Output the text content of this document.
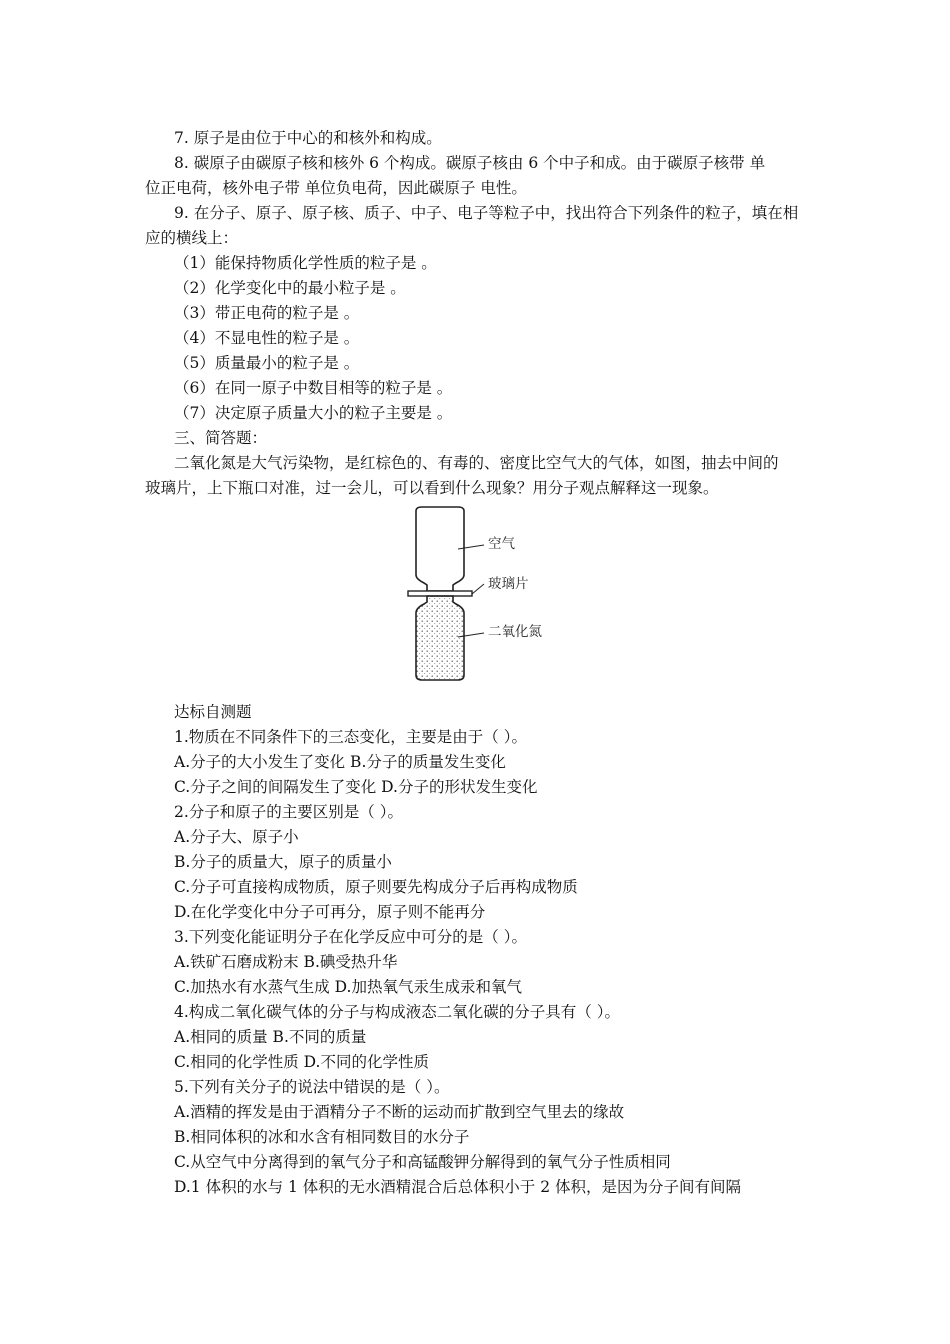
7. 原子是由位于中心的和核外和构成。
8. 碳原子由碳原子核和核外 6 个构成。碳原子核由 6 个中子和成。由于碳原子核带 单
位正电荷，核外电子带 单位负电荷，因此碳原子 电性。
9. 在分子、原子、原子核、质子、中子、电子等粒子中，找出符合下列条件的粒子，填在相
应的横线上：
（1）能保持物质化学性质的粒子是 。
（2）化学变化中的最小粒子是 。
（3）带正电荷的粒子是 。
（4）不显电性的粒子是 。
（5）质量最小的粒子是 。
（6）在同一原子中数目相等的粒子是 。
（7）决定原子质量大小的粒子主要是 。
三、简答题：
二氧化氮是大气污染物，是红棕色的、有毒的、密度比空气大的气体，如图，抽去中间的
玻璃片，上下瓶口对准，过一会儿，可以看到什么现象？用分子观点解释这一现象。
空气
玻璃片
二氧化氮
达标自测题
1.物质在不同条件下的三态变化，主要是由于（ ）。
A.分子的大小发生了变化 B.分子的质量发生变化
C.分子之间的间隔发生了变化 D.分子的形状发生变化
2.分子和原子的主要区别是（ ）。
A.分子大、原子小
B.分子的质量大，原子的质量小
C.分子可直接构成物质，原子则要先构成分子后再构成物质
D.在化学变化中分子可再分，原子则不能再分
3.下列变化能证明分子在化学反应中可分的是（ ）。
A.铁矿石磨成粉末 B.碘受热升华
C.加热水有水蒸气生成 D.加热氧气汞生成汞和氧气
4.构成二氧化碳气体的分子与构成液态二氧化碳的分子具有（ ）。
A.相同的质量 B.不同的质量
C.相同的化学性质 D.不同的化学性质
5.下列有关分子的说法中错误的是（ ）。
A.酒精的挥发是由于酒精分子不断的运动而扩散到空气里去的缘故
B.相同体积的冰和水含有相同数目的水分子
C.从空气中分离得到的氧气分子和高锰酸钾分解得到的氧气分子性质相同
D.1 体积的水与 1 体积的无水酒精混合后总体积小于 2 体积，是因为分子间有间隔
